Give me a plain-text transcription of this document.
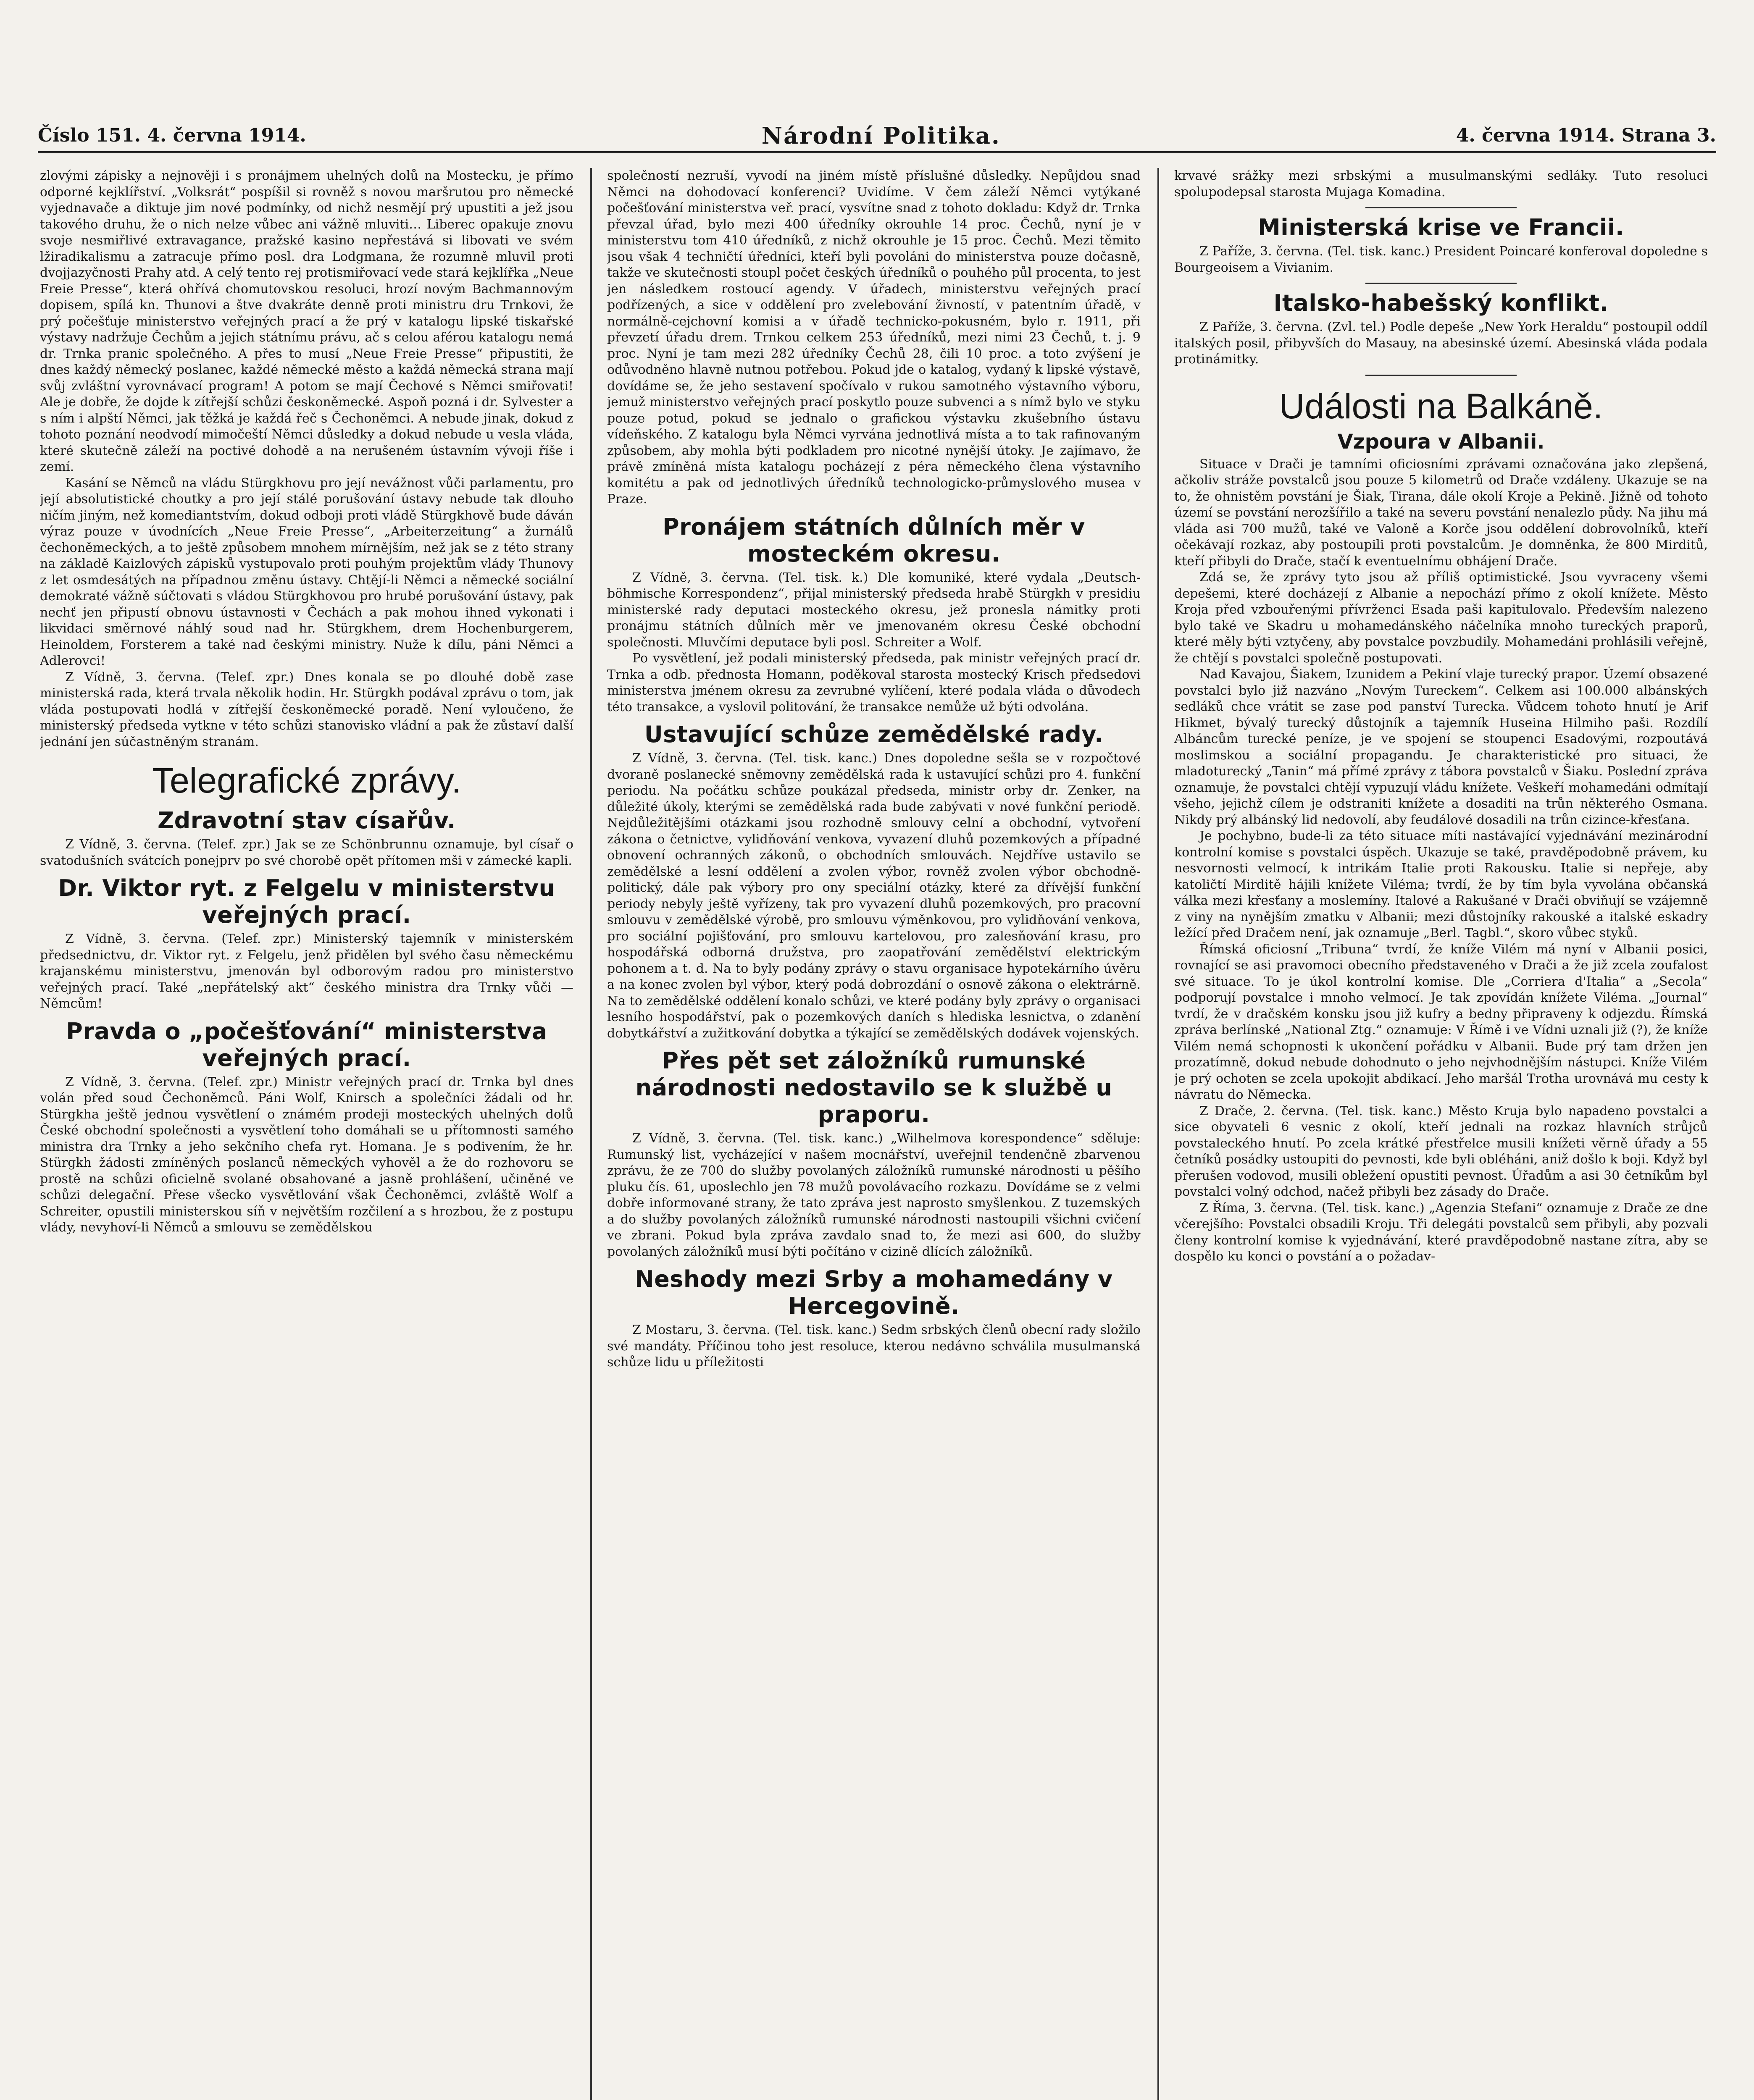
Číslo 151. 4. června 1914.	Národní Politika.	4. června 1914. Strana 3.

zlovými zápisky a nejnověji i s pronájmem uhelných dolů na Mostecku, je přímo odporné kejklířství. „Volksrát“ pospíšil si rovněž s novou maršrutou pro německé vyjednavače a diktuje jim nové podmínky, od nichž nesmějí prý upustiti a jež jsou takového druhu, že o nich nelze vůbec ani vážně mluviti… Liberec opakuje znovu svoje nesmiřlivé extravagance, pražské kasino nepřestává si libovati ve svém lžiradikalismu a zatracuje přímo posl. dra Lodgmana, že rozumně mluvil proti dvojjazyčnosti Prahy atd. A celý tento rej protismiřovací vede stará kejklířka „Neue Freie Presse“, která ohřívá chomutovskou resoluci, hrozí novým Bachmannovým dopisem, spílá kn. Thunovi a štve dvakráte denně proti ministru dru Trnkovi, že prý počešťuje ministerstvo veřejných prací a že prý v katalogu lipské tiskařské výstavy nadržuje Čechům a jejich státnímu právu, ač s celou aférou katalogu nemá dr. Trnka pranic společného. A přes to musí „Neue Freie Presse“ připustiti, že dnes každý německý poslanec, každé německé město a každá německá strana mají svůj zvláštní vyrovnávací program! A potom se mají Čechové s Němci smiřovati! Ale je dobře, že dojde k zítřejší schůzi českoněmecké. Aspoň pozná i dr. Sylvester a s ním i alpští Němci, jak těžká je každá řeč s Čechoněmci. A nebude jinak, dokud z tohoto poznání neodvodí mimočeští Němci důsledky a dokud nebude u vesla vláda, které skutečně záleží na poctivé dohodě a na nerušeném ústavním vývoji říše i zemí.

Kasání se Němců na vládu Stürgkhovu pro její nevážnost vůči parlamentu, pro její absolutistické choutky a pro její stálé porušování ústavy nebude tak dlouho ničím jiným, než komediantstvím, dokud odboji proti vládě Stürgkhově bude dáván výraz pouze v úvodnících „Neue Freie Presse“, „Arbeiterzeitung“ a žurnálů čechoněmeckých, a to ještě způsobem mnohem mírnějším, než jak se z této strany na základě Kaizlových zápisků vystupovalo proti pouhým projektům vlády Thunovy z let osmdesátých na případnou změnu ústavy. Chtějí-li Němci a německé sociální demokraté vážně súčtovati s vládou Stürgkhovou pro hrubé porušování ústavy, pak nechť jen připustí obnovu ústavnosti v Čechách a pak mohou ihned vykonati i likvidaci směrnové náhlý soud nad hr. Stürgkhem, drem Hochenburgerem, Heinoldem, Forsterem a také nad českými ministry. Nuže k dílu, páni Němci a Adlerovci!

Z Vídně, 3. června. (Telef. zpr.) Dnes konala se po dlouhé době zase ministerská rada, která trvala několik hodin. Hr. Stürgkh podával zprávu o tom, jak vláda postupovati hodlá v zítřejší českoněmecké poradě. Není vyloučeno, že ministerský předseda vytkne v této schůzi stanovisko vládní a pak že zůstaví další jednání jen súčastněným stranám.

Telegrafické zprávy.
Zdravotní stav císařův.

Z Vídně, 3. června. (Telef. zpr.) Jak se ze Schönbrunnu oznamuje, byl císař o svatodušních svátcích ponejprv po své chorobě opět přítomen mši v zámecké kapli.

Dr. Viktor ryt. z Felgelu v ministerstvu veřejných prací.

Z Vídně, 3. června. (Telef. zpr.) Ministerský tajemník v ministerském předsednictvu, dr. Viktor ryt. z Felgelu, jenž přidělen byl svého času německému krajanskému ministerstvu, jmenován byl odborovým radou pro ministerstvo veřejných prací. Také „nepřátelský akt“ českého ministra dra Trnky vůči — Němcům!

Pravda o „počešťování“ ministerstva veřejných prací.

Z Vídně, 3. června. (Telef. zpr.) Ministr veřejných prací dr. Trnka byl dnes volán před soud Čechoněmců. Páni Wolf, Knirsch a společníci žádali od hr. Stürgkha ještě jednou vysvětlení o známém prodeji mosteckých uhelných dolů České obchodní společnosti a vysvětlení toho domáhali se u přítomnosti samého ministra dra Trnky a jeho sekčního chefa ryt. Homana. Je s podivením, že hr. Stürgkh žádosti zmíněných poslanců německých vyhověl a že do rozhovoru se prostě na schůzi oficielně svolané obsahované a jasně prohlášení, učiněné ve schůzi delegační. Přese všecko vysvětlování však Čechoněmci, zvláště Wolf a Schreiter, opustili ministerskou síň v největším rozčilení a s hrozbou, že z postupu vlády, nevyhoví-li Němců a smlouvu se zemědělskou

společností nezruší, vyvodí na jiném místě příslušné důsledky. Nepůjdou snad Němci na dohodovací konferenci? Uvidíme. V čem záleží Němci vytýkané počešťování ministerstva veř. prací, vysvítne snad z tohoto dokladu: Když dr. Trnka převzal úřad, bylo mezi 400 úředníky okrouhle 14 proc. Čechů, nyní je v ministerstvu tom 410 úředníků, z nichž okrouhle je 15 proc. Čechů. Mezi těmito jsou však 4 techničtí úředníci, kteří byli povoláni do ministerstva pouze dočasně, takže ve skutečnosti stoupl počet českých úředníků o pouhého půl procenta, to jest jen následkem rostoucí agendy. V úřadech, ministerstvu veřejných prací podřízených, a sice v oddělení pro zvelebování živností, v patentním úřadě, v normálně-cejchovní komisi a v úřadě technicko-pokusném, bylo r. 1911, při převzetí úřadu drem. Trnkou celkem 253 úředníků, mezi nimi 23 Čechů, t. j. 9 proc. Nyní je tam mezi 282 úředníky Čechů 28, čili 10 proc. a toto zvýšení je odůvodněno hlavně nutnou potřebou. Pokud jde o katalog, vydaný k lipské výstavě, dovídáme se, že jeho sestavení spočívalo v rukou samotného výstavního výboru, jemuž ministerstvo veřejných prací poskytlo pouze subvenci a s nímž bylo ve styku pouze potud, pokud se jednalo o grafickou výstavku zkušebního ústavu vídeňského. Z katalogu byla Němci vyrvána jednotlivá místa a to tak rafinovaným způsobem, aby mohla býti podkladem pro nicotné nynější útoky. Je zajímavo, že právě zmíněná místa katalogu pocházejí z péra německého člena výstavního komitétu a pak od jednotlivých úředníků technologicko-průmyslového musea v Praze.

Pronájem státních důlních měr v mosteckém okresu.

Z Vídně, 3. června. (Tel. tisk. k.) Dle komuniké, které vydala „Deutsch-böhmische Korrespondenz“, přijal ministerský předseda hrabě Stürgkh v presidiu ministerské rady deputaci mosteckého okresu, jež pronesla námitky proti pronájmu státních důlních měr ve jmenovaném okresu České obchodní společnosti. Mluvčími deputace byli posl. Schreiter a Wolf.

Po vysvětlení, jež podali ministerský předseda, pak ministr veřejných prací dr. Trnka a odb. přednosta Homann, poděkoval starosta mostecký Krisch předsedovi ministerstva jménem okresu za zevrubné vylíčení, které podala vláda o důvodech této transakce, a vyslovil politování, že transakce nemůže už býti odvolána.

Ustavující schůze zemědělské rady.

Z Vídně, 3. června. (Tel. tisk. kanc.) Dnes dopoledne sešla se v rozpočtové dvoraně poslanecké sněmovny zemědělská rada k ustavující schůzi pro 4. funkční periodu. Na počátku schůze poukázal předseda, ministr orby dr. Zenker, na důležité úkoly, kterými se zemědělská rada bude zabývati v nové funkční periodě. Nejdůležitějšími otázkami jsou rozhodně smlouvy celní a obchodní, vytvoření zákona o četnictve, vylidňování venkova, vyvazení dluhů pozemkových a případné obnovení ochranných zákonů, o obchodních smlouvách. Nejdříve ustavilo se zemědělské a lesní oddělení a zvolen výbor, rovněž zvolen výbor obchodně-politický, dále pak výbory pro ony speciální otázky, které za dřívější funkční periody nebyly ještě vyřízeny, tak pro vyvazení dluhů pozemkových, pro pracovní smlouvu v zemědělské výrobě, pro smlouvu výměnkovou, pro vylidňování venkova, pro sociální pojišťování, pro smlouvu kartelovou, pro zalesňování krasu, pro hospodářská odborná družstva, pro zaopatřování zemědělství elektrickým pohonem a t. d. Na to byly podány zprávy o stavu organisace hypotekárního úvěru a na konec zvolen byl výbor, který podá dobrozdání o osnově zákona o elektrárně. Na to zemědělské oddělení konalo schůzi, ve které podány byly zprávy o organisaci lesního hospodářství, pak o pozemkových daních s hlediska lesnictva, o zdanění dobytkářství a zužitkování dobytka a týkající se zemědělských dodávek vojenských.

Přes pět set záložníků rumunské národnosti nedostavilo se k službě u praporu.

Z Vídně, 3. června. (Tel. tisk. kanc.) „Wilhelmova korespondence“ sděluje: Rumunský list, vycházející v našem mocnářství, uveřejnil tendenčně zbarvenou zprávu, že ze 700 do služby povolaných záložníků rumunské národnosti u pěšího pluku čís. 61, uposlechlo jen 78 mužů povolávacího rozkazu. Dovídáme se z velmi dobře informované strany, že tato zpráva jest naprosto smyšlenkou. Z tuzemských a do služby povolaných záložníků rumunské národnosti nastoupili všichni cvičení ve zbrani. Pokud byla zpráva zavdalo snad to, že mezi asi 600, do služby povolaných záložníků musí býti počítáno v cizině dlících záložníků.

Neshody mezi Srby a mohamedány v Hercegovině.

Z Mostaru, 3. června. (Tel. tisk. kanc.) Sedm srbských členů obecní rady složilo své mandáty. Příčinou toho jest resoluce, kterou nedávno schválila musulmanská schůze lidu u příležitosti

krvavé srážky mezi srbskými a musulmanskými sedláky. Tuto resoluci spolupodepsal starosta Mujaga Komadina.

Ministerská krise ve Francii.

Z Paříže, 3. června. (Tel. tisk. kanc.) President Poincaré konferoval dopoledne s Bourgeoisem a Vivianim.

Italsko-habešský konflikt.

Z Paříže, 3. června. (Zvl. tel.) Podle depeše „New York Heraldu“ postoupil oddíl italských posil, přibyvších do Masauy, na abesinské území. Abesinská vláda podala protinámitky.

Události na Balkáně.
Vzpoura v Albanii.

Situace v Drači je tamními oficiosními zprávami označována jako zlepšená, ačkoliv stráže povstalců jsou pouze 5 kilometrů od Drače vzdáleny. Ukazuje se na to, že ohnistěm povstání je Šiak, Tirana, dále okolí Kroje a Pekině. Jižně od tohoto území se povstání nerozšířilo a také na severu povstání nenalezlo půdy. Na jihu má vláda asi 700 mužů, také ve Valoně a Korče jsou oddělení dobrovolníků, kteří očekávají rozkaz, aby postoupili proti povstalcům. Je domněnka, že 800 Mirditů, kteří přibyli do Drače, stačí k eventuelnímu obhájení Drače.

Zdá se, že zprávy tyto jsou až příliš optimistické. Jsou vyvraceny všemi depešemi, které docházejí z Albanie a nepochází přímo z okolí knížete. Město Kroja před vzbouřenými přívrženci Esada paši kapitulovalo. Především nalezeno bylo také ve Skadru u mohamedánského náčelníka mnoho tureckých praporů, které měly býti vztyčeny, aby povstalce povzbudily. Mohamedáni prohlásili veřejně, že chtějí s povstalci společně postupovati.

Nad Kavajou, Šiakem, Izunidem a Pekiní vlaje turecký prapor. Území obsazené povstalci bylo již nazváno „Novým Tureckem“. Celkem asi 100.000 albánských sedláků chce vrátit se zase pod panství Turecka. Vůdcem tohoto hnutí je Arif Hikmet, bývalý turecký důstojník a tajemník Huseina Hilmiho paši. Rozdílí Albáncům turecké peníze, je ve spojení se stoupenci Esadovými, rozpoutává moslimskou a sociální propagandu. Je charakteristické pro situaci, že mladoturecký „Tanin“ má přímé zprávy z tábora povstalců v Šiaku. Poslední zpráva oznamuje, že povstalci chtějí vypuzují vládu knížete. Veškeří mohamedáni odmítají všeho, jejichž cílem je odstraniti knížete a dosaditi na trůn některého Osmana. Nikdy prý albánský lid nedovolí, aby feudálové dosadili na trůn cizince-křesťana.

Je pochybno, bude-li za této situace míti nastávající vyjednávání mezinárodní kontrolní komise s povstalci úspěch. Ukazuje se také, pravděpodobně právem, ku nesvornosti velmocí, k intrikám Italie proti Rakousku. Italie si nepřeje, aby katoličtí Mirditě hájili knížete Viléma; tvrdí, že by tím byla vyvolána občanská válka mezi křesťany a moslemíny. Italové a Rakušané v Drači obviňují se vzájemně z viny na nynějším zmatku v Albanii; mezi důstojníky rakouské a italské eskadry ležící před Dračem není, jak oznamuje „Berl. Tagbl.“, skoro vůbec styků.

Římská oficiosní „Tribuna“ tvrdí, že kníže Vilém má nyní v Albanii posici, rovnající se asi pravomoci obecního představeného v Drači a že již zcela zoufalost své situace. To je úkol kontrolní komise. Dle „Corriera d'Italia“ a „Secola“ podporují povstalce i mnoho velmocí. Je tak zpovídán knížete Viléma. „Journal“ tvrdí, že v dračském konsku jsou již kufry a bedny připraveny k odjezdu. Římská zpráva berlínské „National Ztg.“ oznamuje: V Římě i ve Vídni uznali již (?), že kníže Vilém nemá schopnosti k ukončení pořádku v Albanii. Bude prý tam držen jen prozatímně, dokud nebude dohodnuto o jeho nejvhodnějším nástupci. Kníže Vilém je prý ochoten se zcela upokojit abdikací. Jeho maršál Trotha urovnává mu cesty k návratu do Německa.

Z Drače, 2. června. (Tel. tisk. kanc.) Město Kruja bylo napadeno povstalci a sice obyvateli 6 vesnic z okolí, kteří jednali na rozkaz hlavních strůjců povstaleckého hnutí. Po zcela krátké přestřelce musili knížeti věrně úřady a 55 četníků posádky ustoupiti do pevnosti, kde byli obléháni, aniž došlo k boji. Když byl přerušen vodovod, musili obležení opustiti pevnost. Úřadům a asi 30 četníkům byl povstalci volný odchod, načež přibyli bez zásady do Drače.

Z Říma, 3. června. (Tel. tisk. kanc.) „Agenzia Stefani“ oznamuje z Drače ze dne včerejšího: Povstalci obsadili Kroju. Tři delegáti povstalců sem přibyli, aby pozvali členy kontrolní komise k vyjednávání, které pravděpodobně nastane zítra, aby se dospělo ku konci o povstání a o požadav-
